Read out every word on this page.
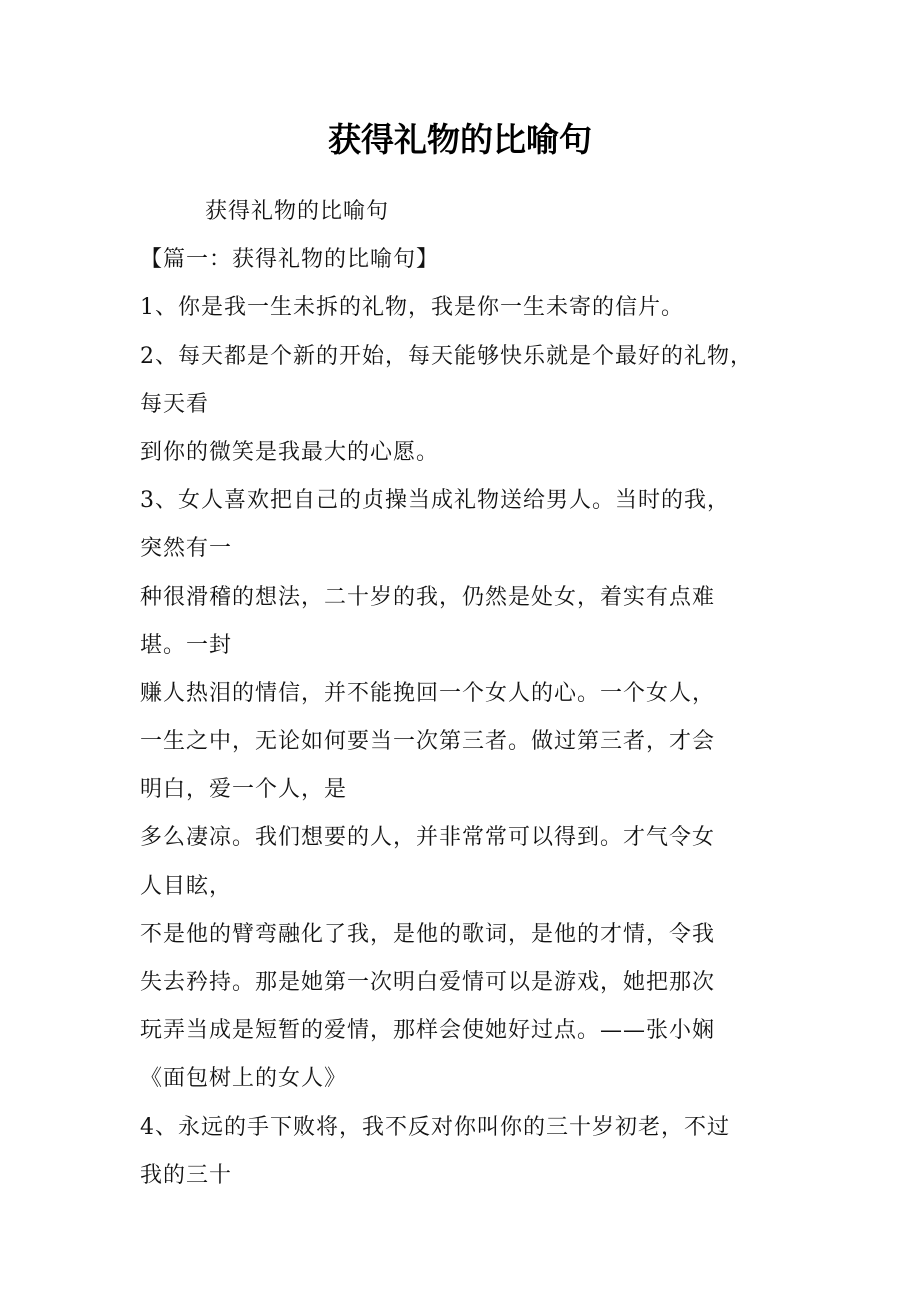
获得礼物的比喻句
获得礼物的比喻句
【篇一：获得礼物的比喻句】
1、你是我一生未拆的礼物，我是你一生未寄的信片。
2、每天都是个新的开始，每天能够快乐就是个最好的礼物，
每天看
到你的微笑是我最大的心愿。
3、女人喜欢把自己的贞操当成礼物送给男人。当时的我，
突然有一
种很滑稽的想法，二十岁的我，仍然是处女，着实有点难
堪。一封
赚人热泪的情信，并不能挽回一个女人的心。一个女人，
一生之中，无论如何要当一次第三者。做过第三者，才会
明白，爱一个人，是
多么凄凉。我们想要的人，并非常常可以得到。才气令女
人目眩，
不是他的臂弯融化了我，是他的歌词，是他的才情，令我
失去矜持。那是她第一次明白爱情可以是游戏，她把那次
玩弄当成是短暂的爱情，那样会使她好过点。——张小娴
《面包树上的女人》
4、永远的手下败将，我不反对你叫你的三十岁初老，不过
我的三十
